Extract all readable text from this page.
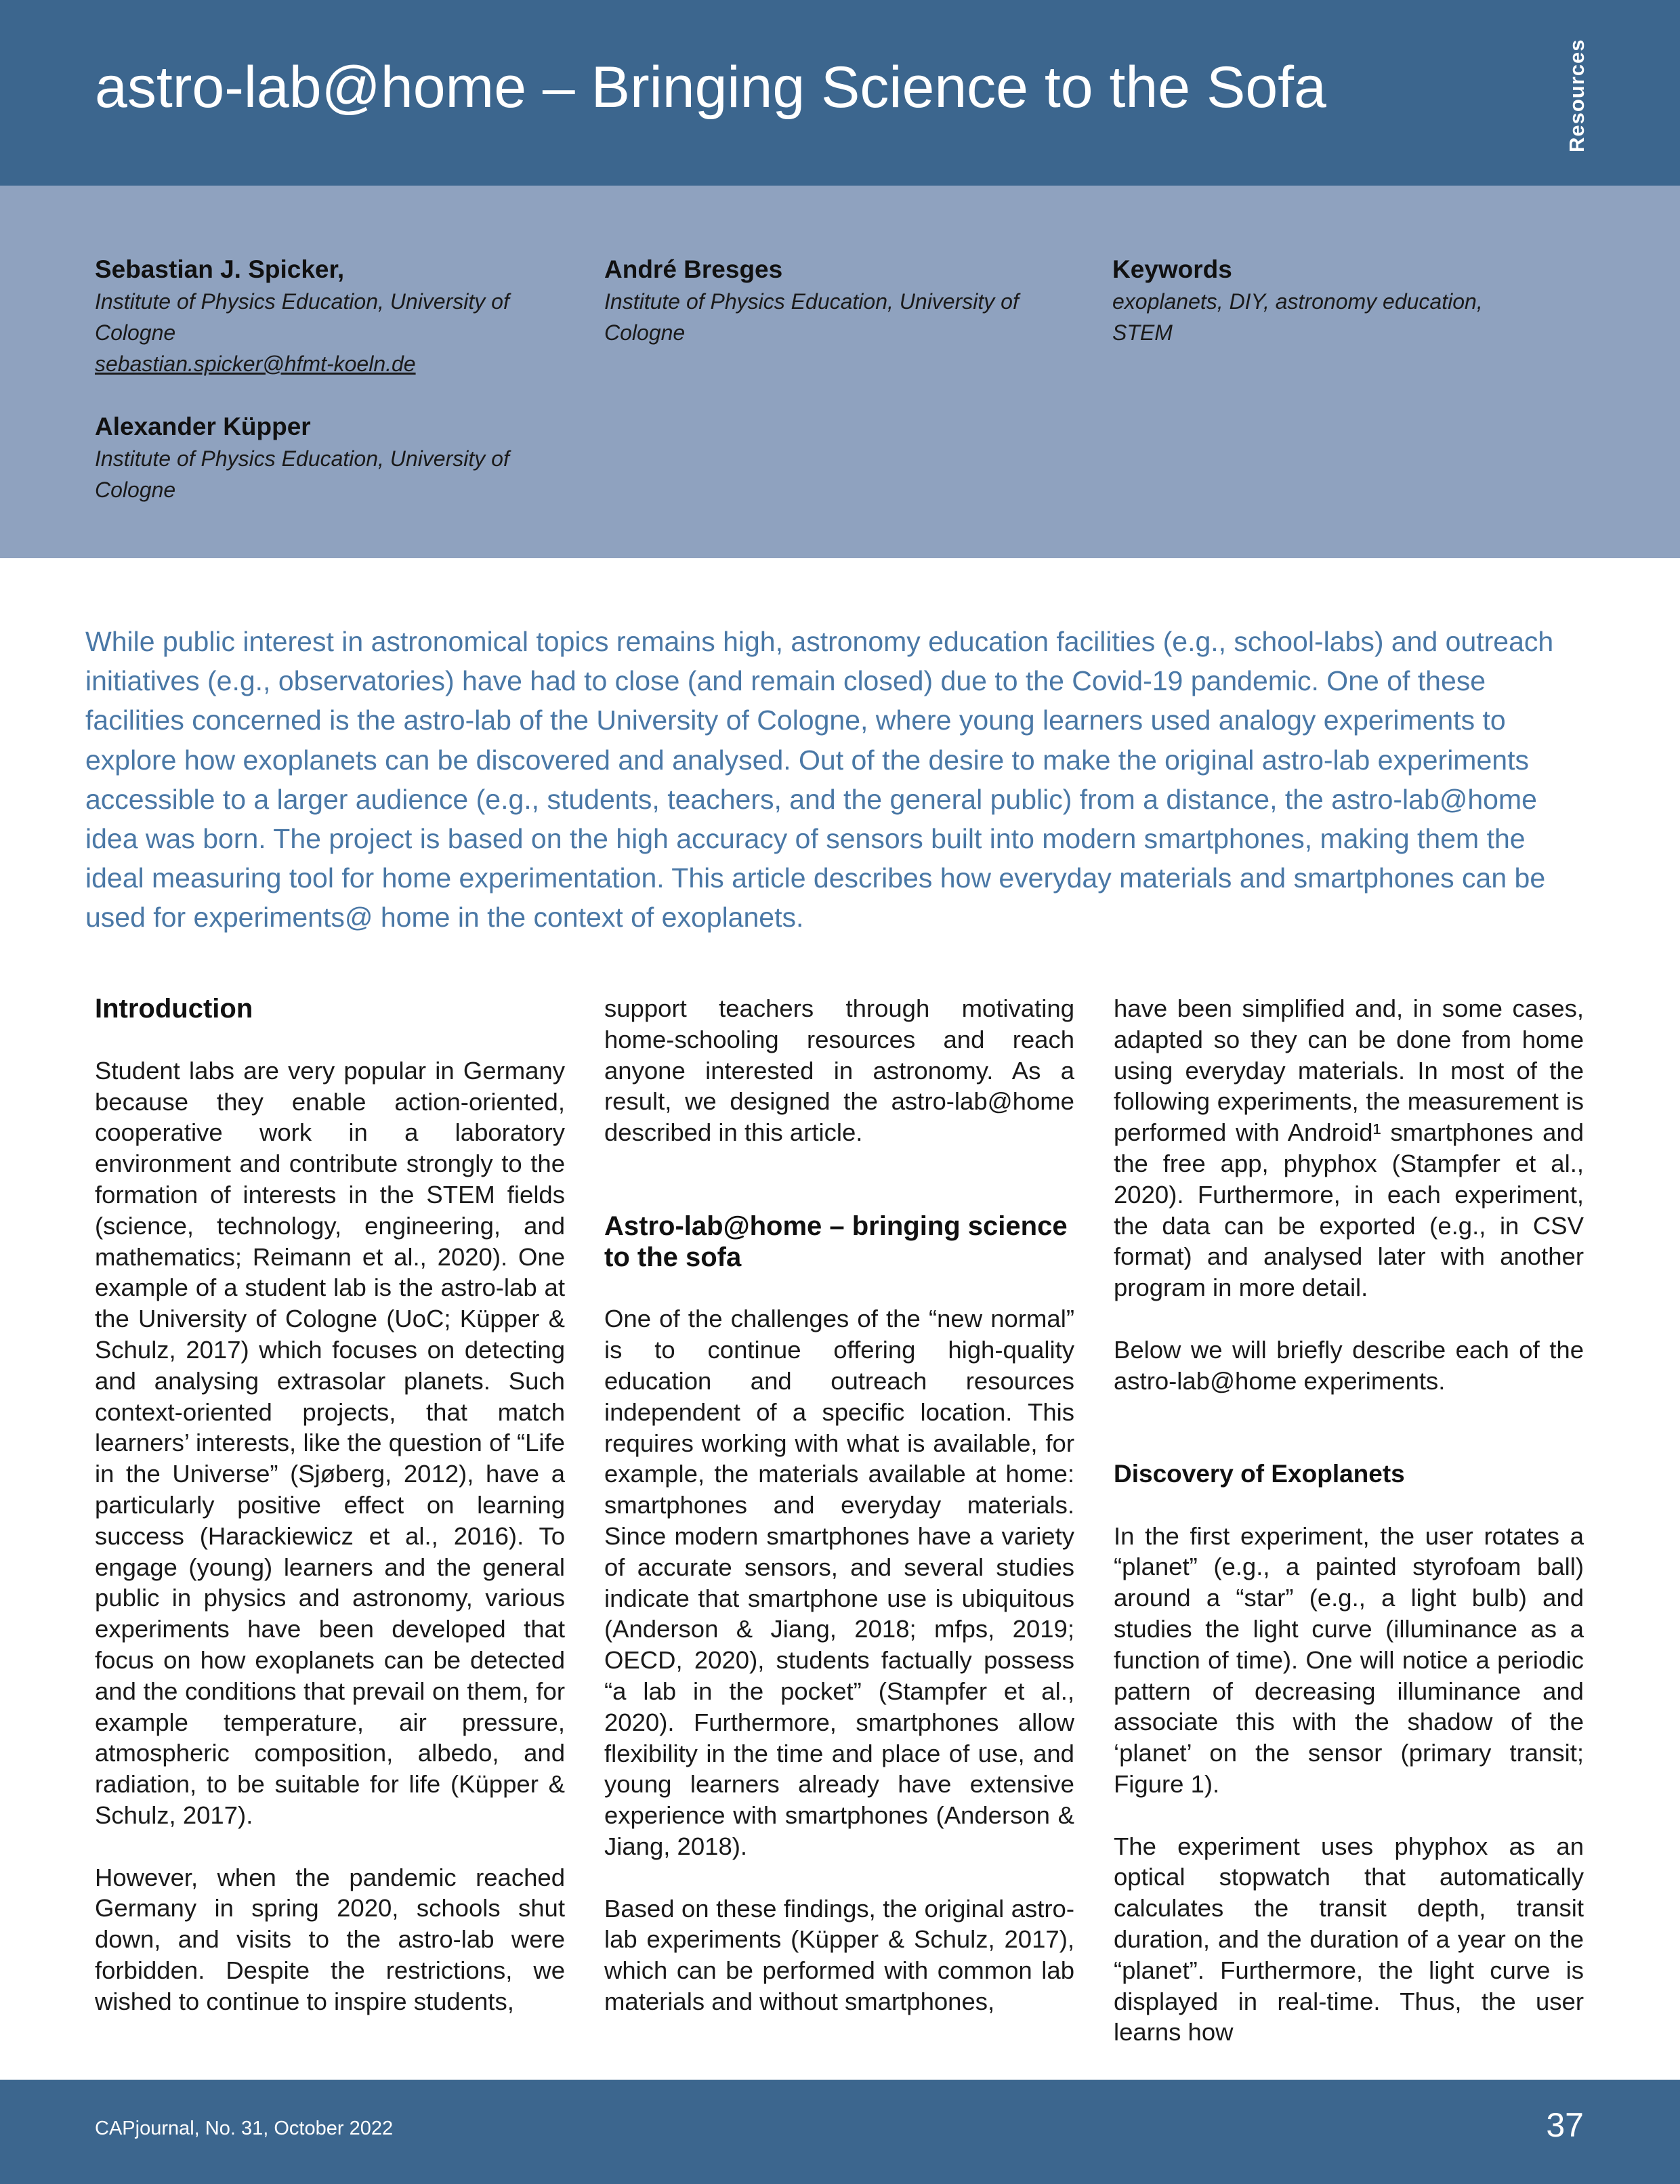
astro-lab@home – Bringing Science to the Sofa	Resources
Sebastian J. Spicker,
Institute of Physics Education, University of Cologne
sebastian.spicker@hfmt-koeln.de
Alexander Küpper
Institute of Physics Education, University of Cologne
André Bresges
Institute of Physics Education, University of Cologne
Keywords
exoplanets, DIY, astronomy education, STEM

While public interest in astronomical topics remains high, astronomy education facilities (e.g., school-labs) and outreach initiatives (e.g., observatories) have had to close (and remain closed) due to the Covid-19 pandemic. One of these facilities concerned is the astro-lab of the University of Cologne, where young learners used analogy experiments to explore how exoplanets can be discovered and analysed. Out of the desire to make the original astro-lab experiments accessible to a larger audience (e.g., students, teachers, and the general public) from a distance, the astro-lab@home idea was born. The project is based on the high accuracy of sensors built into modern smartphones, making them the ideal measuring tool for home experimentation. This article describes how everyday materials and smartphones can be used for experiments@ home in the context of exoplanets.

Introduction

Student labs are very popular in Germany because they enable action-oriented, cooperative work in a laboratory environment and contribute strongly to the formation of interests in the STEM fields (science, technology, engineering, and mathematics; Reimann et al., 2020). One example of a student lab is the astro-lab at the University of Cologne (UoC; Küpper & Schulz, 2017) which focuses on detecting and analysing extrasolar planets. Such context-oriented projects, that match learners’ interests, like the question of “Life in the Universe” (Sjøberg, 2012), have a particularly positive effect on learning success (Harackiewicz et al., 2016). To engage (young) learners and the general public in physics and astronomy, various experiments have been developed that focus on how exoplanets can be detected and the conditions that prevail on them, for example temperature, air pressure, atmospheric composition, albedo, and radiation, to be suitable for life (Küpper & Schulz, 2017).

However, when the pandemic reached Germany in spring 2020, schools shut down, and visits to the astro-lab were forbidden. Despite the restrictions, we wished to continue to inspire students,

support teachers through motivating home-schooling resources and reach anyone interested in astronomy. As a result, we designed the astro-lab@home described in this article.

Astro-lab@home – bringing science to the sofa

One of the challenges of the “new normal” is to continue offering high-quality education and outreach resources independent of a specific location. This requires working with what is available, for example, the materials available at home: smartphones and everyday materials. Since modern smartphones have a variety of accurate sensors, and several studies indicate that smartphone use is ubiquitous (Anderson & Jiang, 2018; mfps, 2019; OECD, 2020), students factually possess “a lab in the pocket” (Stampfer et al., 2020). Furthermore, smartphones allow flexibility in the time and place of use, and young learners already have extensive experience with smartphones (Anderson & Jiang, 2018).

Based on these findings, the original astro-lab experiments (Küpper & Schulz, 2017), which can be performed with common lab materials and without smartphones,

have been simplified and, in some cases, adapted so they can be done from home using everyday materials. In most of the following experiments, the measurement is performed with Android¹ smartphones and the free app, phyphox (Stampfer et al., 2020). Furthermore, in each experiment, the data can be exported (e.g., in CSV format) and analysed later with another program in more detail.

Below we will briefly describe each of the astro-lab@home experiments.

Discovery of Exoplanets

In the first experiment, the user rotates a “planet” (e.g., a painted styrofoam ball) around a “star” (e.g., a light bulb) and studies the light curve (illuminance as a function of time). One will notice a periodic pattern of decreasing illuminance and associate this with the shadow of the ‘planet’ on the sensor (primary transit; Figure 1).

The experiment uses phyphox as an optical stopwatch that automatically calculates the transit depth, transit duration, and the duration of a year on the “planet”. Furthermore, the light curve is displayed in real-time. Thus, the user learns how

CAPjournal, No. 31, October 2022	37
